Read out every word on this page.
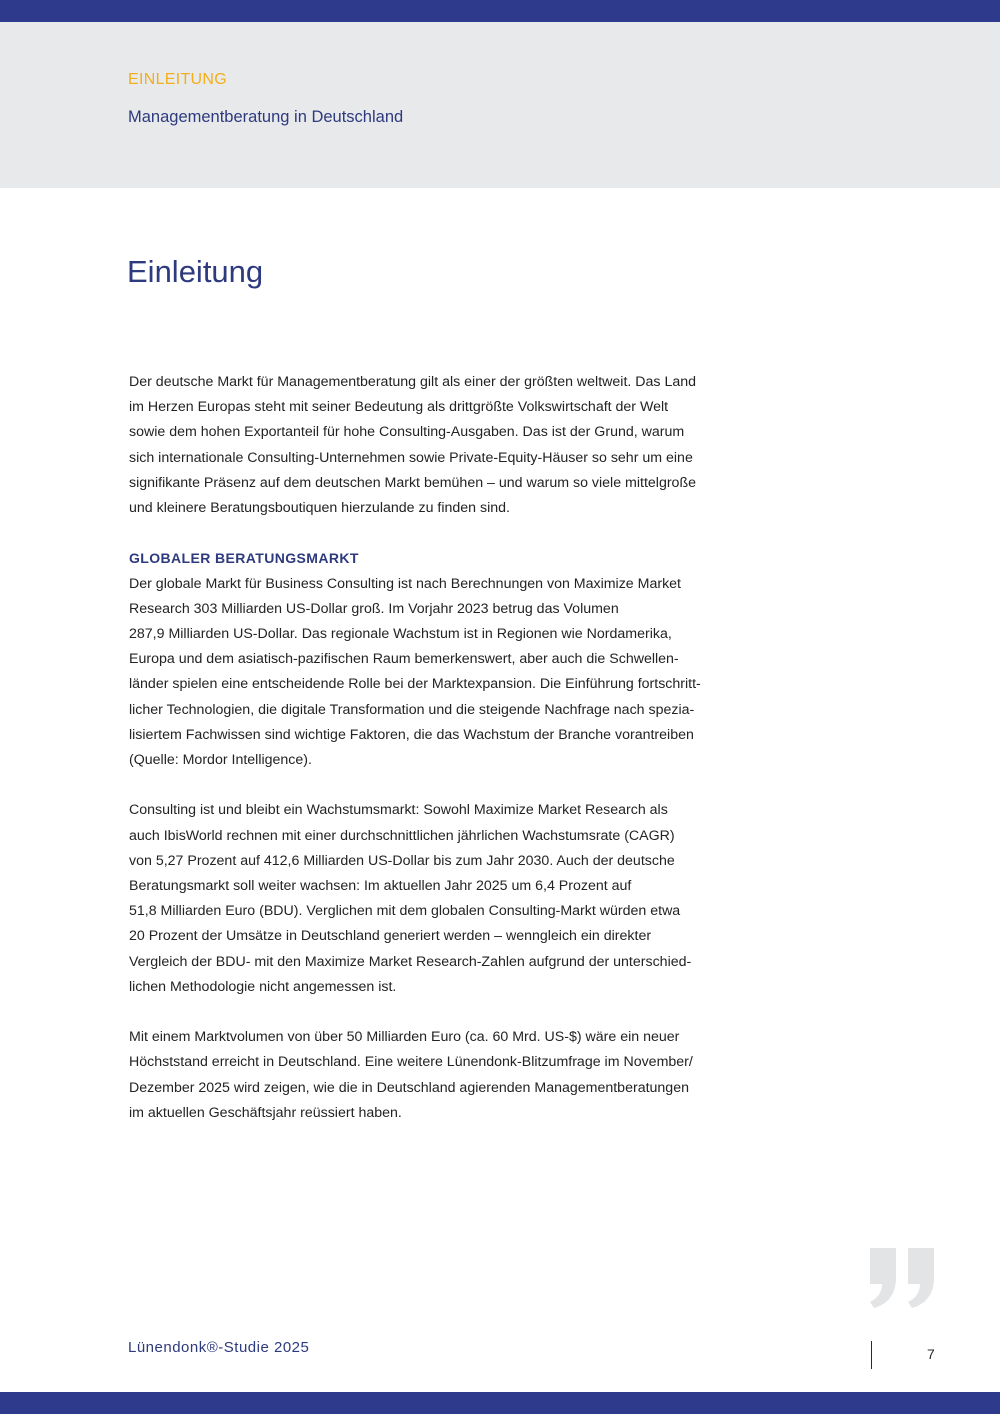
EINLEITUNG
Managementberatung in Deutschland
Einleitung

Der deutsche Markt für Managementberatung gilt als einer der größten weltweit. Das Land
im Herzen Europas steht mit seiner Bedeutung als drittgrößte Volkswirtschaft der Welt
sowie dem hohen Exportanteil für hohe Consulting-Ausgaben. Das ist der Grund, warum
sich internationale Consulting-Unternehmen sowie Private-Equity-Häuser so sehr um eine
signifikante Präsenz auf dem deutschen Markt bemühen – und warum so viele mittelgroße
und kleinere Beratungsboutiquen hierzulande zu finden sind.

GLOBALER BERATUNGSMARKT
Der globale Markt für Business Consulting ist nach Berechnungen von Maximize Market
Research 303 Milliarden US-Dollar groß. Im Vorjahr 2023 betrug das Volumen
287,9 Milliarden US-Dollar. Das regionale Wachstum ist in Regionen wie Nordamerika,
Europa und dem asiatisch-pazifischen Raum bemerkenswert, aber auch die Schwellen-
länder spielen eine entscheidende Rolle bei der Marktexpansion. Die Einführung fortschritt-
licher Technologien, die digitale Transformation und die steigende Nachfrage nach spezia-
lisiertem Fachwissen sind wichtige Faktoren, die das Wachstum der Branche vorantreiben
(Quelle: Mordor Intelligence).

Consulting ist und bleibt ein Wachstumsmarkt: Sowohl Maximize Market Research als
auch IbisWorld rechnen mit einer durchschnittlichen jährlichen Wachstumsrate (CAGR)
von 5,27 Prozent auf 412,6 Milliarden US-Dollar bis zum Jahr 2030. Auch der deutsche
Beratungsmarkt soll weiter wachsen: Im aktuellen Jahr 2025 um 6,4 Prozent auf
51,8 Milliarden Euro (BDU). Verglichen mit dem globalen Consulting-Markt würden etwa
20 Prozent der Umsätze in Deutschland generiert werden – wenngleich ein direkter
Vergleich der BDU- mit den Maximize Market Research-Zahlen aufgrund der unterschied-
lichen Methodologie nicht angemessen ist.

Mit einem Marktvolumen von über 50 Milliarden Euro (ca. 60 Mrd. US-$) wäre ein neuer
Höchststand erreicht in Deutschland. Eine weitere Lünendonk-Blitzumfrage im November/
Dezember 2025 wird zeigen, wie die in Deutschland agierenden Managementberatungen
im aktuellen Geschäftsjahr reüssiert haben.

Lünendonk®-Studie 2025	7
